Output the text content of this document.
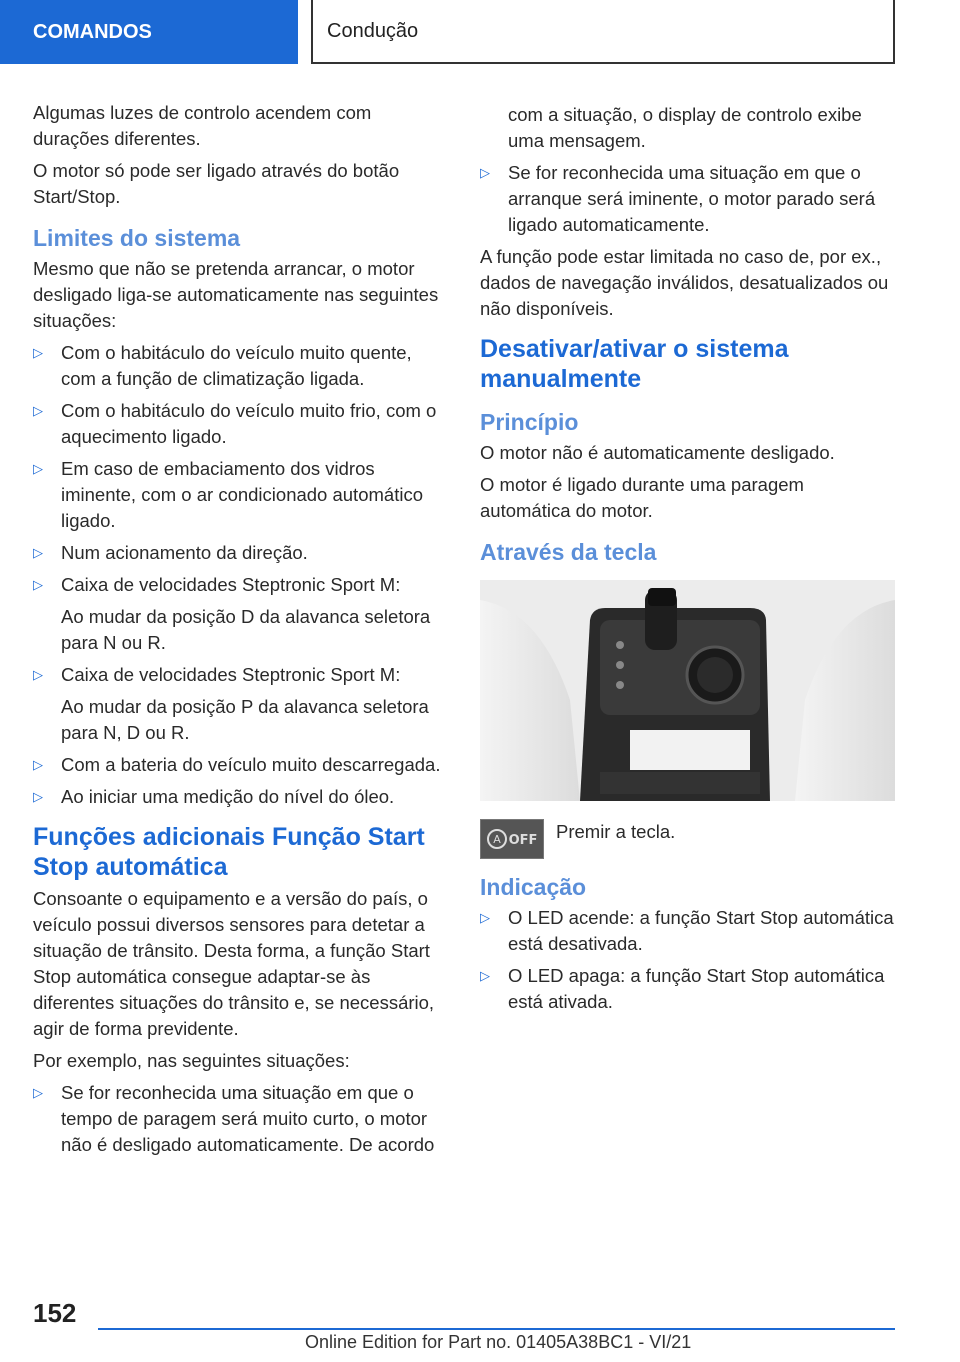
COMANDOS	Condução

Algumas luzes de controlo acendem com durações diferentes.

O motor só pode ser ligado através do botão Start/Stop.

Limites do sistema

Mesmo que não se pretenda arrancar, o motor desligado liga-se automaticamente nas seguintes situações:

▷ Com o habitáculo do veículo muito quente, com a função de climatização ligada.
▷ Com o habitáculo do veículo muito frio, com o aquecimento ligado.
▷ Em caso de embaciamento dos vidros iminente, com o ar condicionado automático ligado.
▷ Num acionamento da direção.
▷ Caixa de velocidades Steptronic Sport M:

Ao mudar da posição D da alavanca seletora para N ou R.

▷ Caixa de velocidades Steptronic Sport M:

Ao mudar da posição P da alavanca seletora para N, D ou R.

▷ Com a bateria do veículo muito descarregada.
▷ Ao iniciar uma medição do nível do óleo.
Funções adicionais Função Start Stop automática

Consoante o equipamento e a versão do país, o veículo possui diversos sensores para detetar a situação de trânsito. Desta forma, a função Start Stop automática consegue adaptar-se às diferentes situações do trânsito e, se necessário, agir de forma previdente.

Por exemplo, nas seguintes situações:

▷ Se for reconhecida uma situação em que o tempo de paragem será muito curto, o motor não é desligado automaticamente. De acordo

com a situação, o display de controlo exibe uma mensagem.

▷ Se for reconhecida uma situação em que o arranque será iminente, o motor parado será ligado automaticamente.

A função pode estar limitada no caso de, por ex., dados de navegação inválidos, desatualizados ou não disponíveis.

Desativar/ativar o sistema manualmente
Princípio

O motor não é automaticamente desligado.

O motor é ligado durante uma paragem automática do motor.

Através da tecla
A OFF Premir a tecla.

Indicação
▷ O LED acende: a função Start Stop automática está desativada.
▷ O LED apaga: a função Start Stop automática está ativada.
152
Online Edition for Part no. 01405A38BC1 - VI/21
